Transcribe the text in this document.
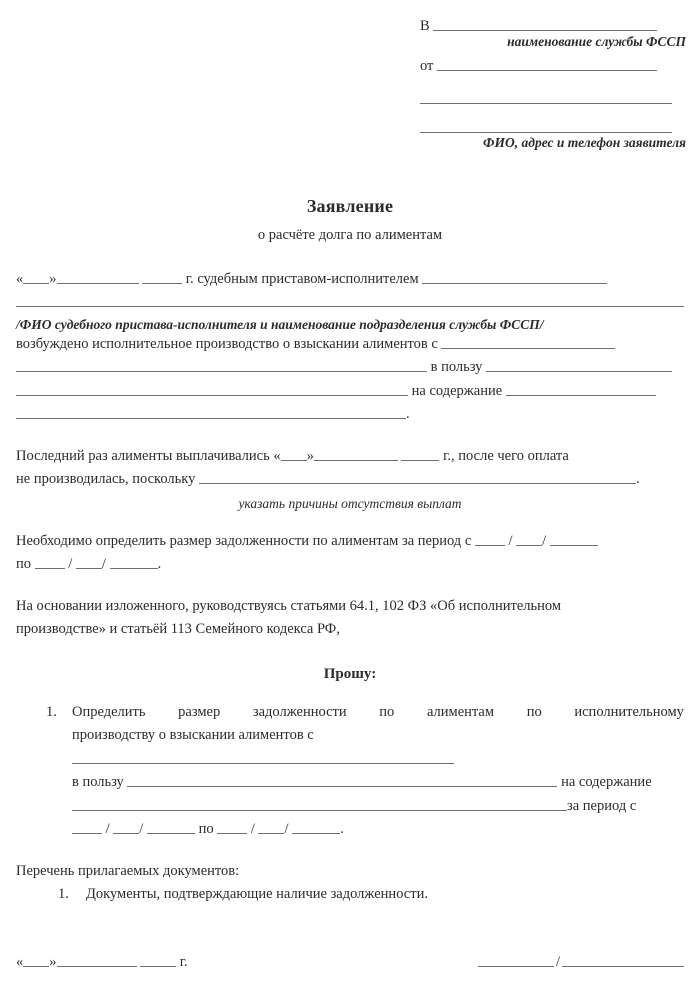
В
наименование службы ФССП
от
ФИО, адрес и телефон заявителя
Заявление
о расчёте долга по алиментам
« »	г. судебным приставом-исполнителем
/ФИО судебного пристава-исполнителя и наименование подразделения службы ФССП/
возбуждено исполнительное производство о взыскании алиментов с
в пользу
на содержание
.
Последний раз алименты выплачивались « »	г., после чего оплата
не производилась, поскольку	.
указать причины отсутствия выплат
Необходимо определить размер задолженности по алиментам за период с	/ /
по	/ /	.
На основании изложенного, руководствуясь статьями 64.1, 102 ФЗ «Об исполнительном
производстве» и статьёй 113 Семейного кодекса РФ,
Прошу:
1. Определить размер задолженности по алиментам по исполнительному
производству о взыскании алиментов с
в пользу	на содержание
за период с
/ /	по	/ /	.
Перечень прилагаемых документов:
1. Документы, подтверждающие наличие задолженности.
« »	г.	/
